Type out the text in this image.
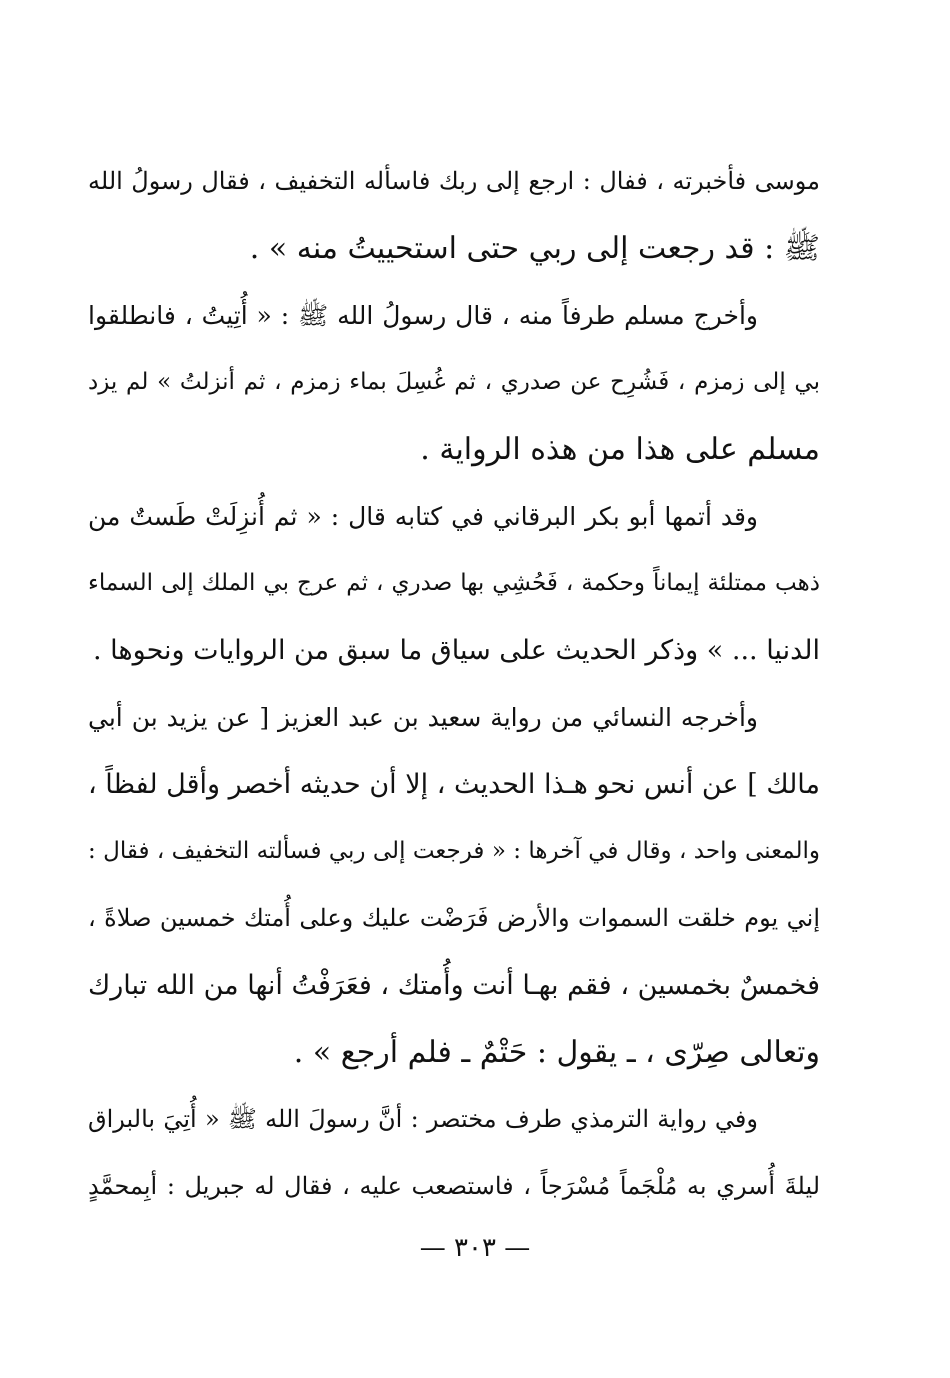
موسى فأخبرته ، ففال : ارجع إلى ربك فاسأله التخفيف ، فقال رسولُ الله
ﷺ : قد رجعت إلى ربي حتى استحييتُ منه » .
وأخرج مسلم طرفاً منه ، قال رسولُ الله ﷺ : « أُتِيتُ ، فانطلقوا
بي إلى زمزم ، فَشُرِح عن صدري ، ثم غُسِلَ بماء زمزم ، ثم أنزلتُ » لم يزد
مسلم على هذا من هذه الرواية .
وقد أتمها أبو بكر البرقاني في كتابه قال : « ثم أُنزِلَتْ طَستٌ من
ذهب ممتلئة إيماناً وحكمة ، فَحُشِي بها صدري ، ثم عرج بي الملك إلى السماء
الدنيا ... » وذكر الحديث على سياق ما سبق من الروايات ونحوها .
وأخرجه النسائي من رواية سعيد بن عبد العزيز [ عن يزيد بن أبي
مالك ] عن أنس نحو هـذا الحديث ، إلا أن حديثه أخصر وأقل لفظاً ،
والمعنى واحد ، وقال في آخرها : « فرجعت إلى ربي فسألته التخفيف ، فقال :
إني يوم خلقت السموات والأرض فَرَضْت عليك وعلى أُمتك خمسين صلاةً ،
فخمسٌ بخمسين ، فقم بهـا أنت وأُمتك ، فعَرَفْتُ أنها من الله تبارك
وتعالى صِرّى ، ـ يقول : حَتْمٌ ـ فلم أرجع » .
وفي رواية الترمذي طرف مختصر : أنَّ رسولَ الله ﷺ « أُتِيَ بالبراق
ليلةَ أُسري به مُلْجَماً مُسْرَجاً ، فاستصعب عليه ، فقال له جبريل : أبِمحمَّدٍ
— ٣٠٣ —
